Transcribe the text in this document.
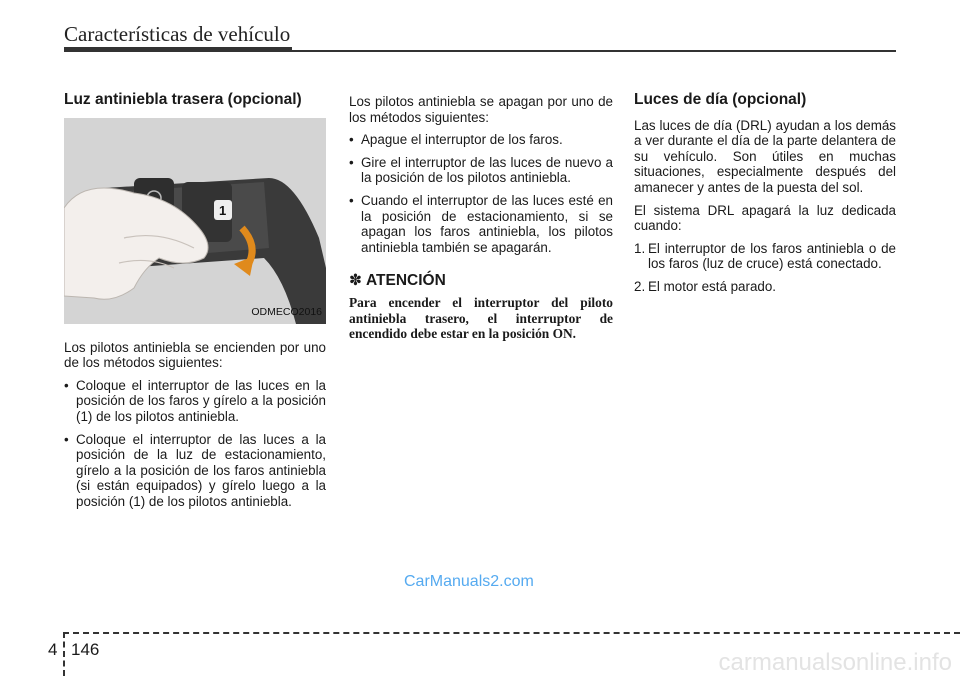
Características de vehículo
Luz antiniebla trasera (opcional)
1
ODMECO2016

Los pilotos antiniebla se encienden por uno de los métodos siguientes:

• Coloque el interruptor de las luces en la posición de los faros y gírelo a la posición (1) de los pilotos antiniebla.
• Coloque el interruptor de las luces a la posición de la luz de estacionamiento, gírelo a la posición de los faros antiniebla (si están equipados) y gírelo luego a la posición (1) de los pilotos antiniebla.

Los pilotos antiniebla se apagan por uno de los métodos siguientes:

• Apague el interruptor de los faros.
• Gire el interruptor de las luces de nuevo a la posición de los pilotos antiniebla.
• Cuando el interruptor de las luces esté en la posición de estacionamiento, si se apagan los faros antiniebla, los pilotos antiniebla también se apagarán.
✽ ATENCIÓN

Para encender el interruptor del piloto antiniebla trasero, el interruptor de encendido debe estar en la posición ON.

Luces de día (opcional)

Las luces de día (DRL) ayudan a los demás a ver durante el día de la parte delantera de su vehículo. Son útiles en muchas situaciones, especialmente después del amanecer y antes de la puesta del sol.

El sistema DRL apagará la luz dedicada cuando:

1. El interruptor de los faros antiniebla o de los faros (luz de cruce) está conectado.
2. El motor está parado.
CarManuals2.com
4 146	carmanualsonline.info
